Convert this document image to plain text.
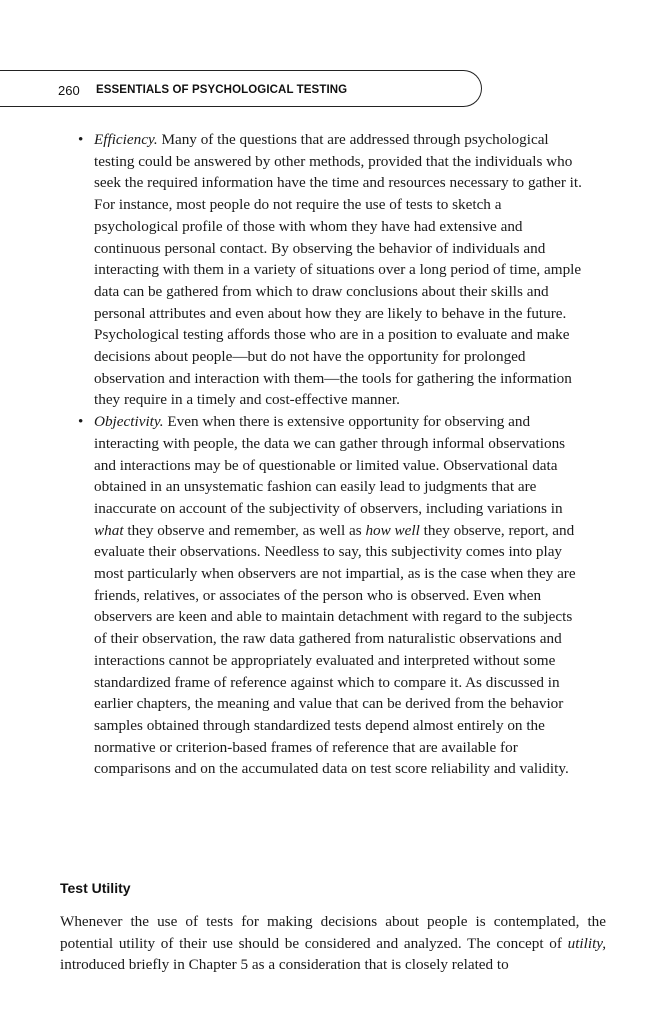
260 ESSENTIALS OF PSYCHOLOGICAL TESTING
• Efficiency. Many of the questions that are addressed through psychological testing could be answered by other methods, provided that the individuals who seek the required information have the time and resources necessary to gather it. For instance, most people do not require the use of tests to sketch a psychological profile of those with whom they have had extensive and continuous personal contact. By observing the behavior of individuals and interacting with them in a variety of situations over a long period of time, ample data can be gathered from which to draw conclusions about their skills and personal attributes and even about how they are likely to behave in the future. Psychological testing affords those who are in a position to evaluate and make decisions about people—but do not have the opportunity for prolonged observation and interaction with them—the tools for gathering the information they require in a timely and cost-effective manner.
• Objectivity. Even when there is extensive opportunity for observing and interacting with people, the data we can gather through informal observations and interactions may be of questionable or limited value. Observational data obtained in an unsystematic fashion can easily lead to judgments that are inaccurate on account of the subjectivity of observers, including variations in what they observe and remember, as well as how well they observe, report, and evaluate their observations. Needless to say, this subjectivity comes into play most particularly when observers are not impartial, as is the case when they are friends, relatives, or associates of the person who is observed. Even when observers are keen and able to maintain detachment with regard to the subjects of their observation, the raw data gathered from naturalistic observations and interactions cannot be appropriately evaluated and interpreted without some standardized frame of reference against which to compare it. As discussed in earlier chapters, the meaning and value that can be derived from the behavior samples obtained through standardized tests depend almost entirely on the normative or criterion-based frames of reference that are available for comparisons and on the accumulated data on test score reliability and validity.
Test Utility

Whenever the use of tests for making decisions about people is contemplated, the potential utility of their use should be considered and analyzed. The concept of utility, introduced briefly in Chapter 5 as a consideration that is closely related to
